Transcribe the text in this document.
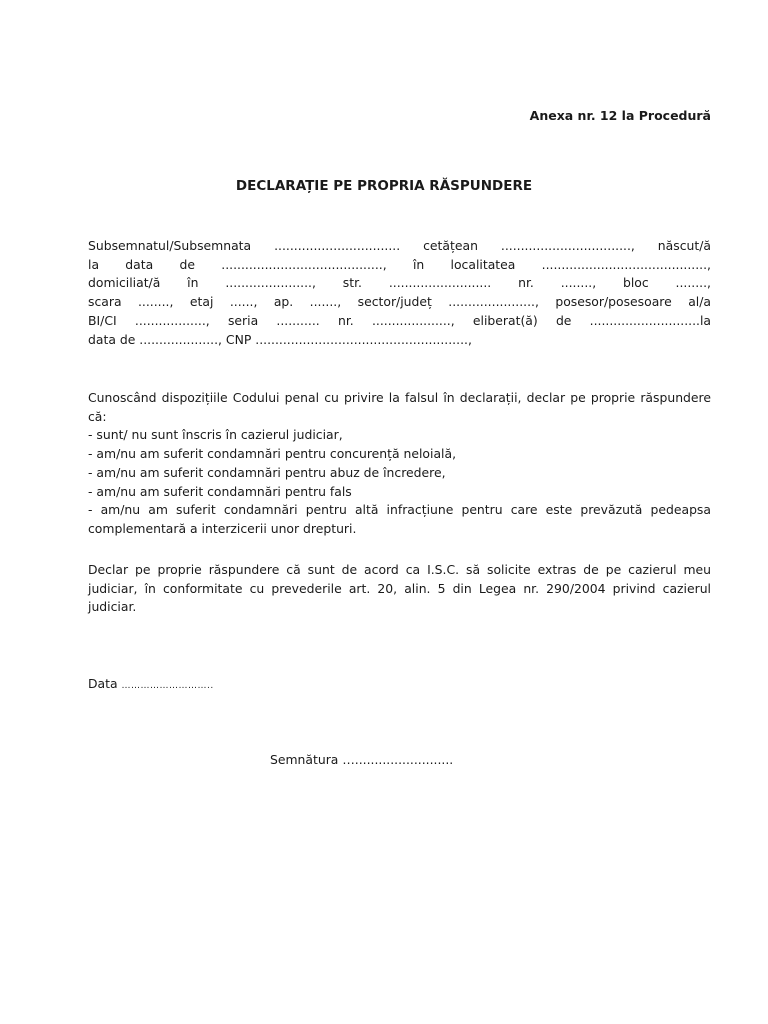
Anexa nr. 12 la Procedură
DECLARAȚIE PE PROPRIA RĂSPUNDERE
Subsemnatul/Subsemnata ................................ cetățean ................................., născut/ă
la data de ........................................., în localitatea ..........................................,
domiciliat/ă în ......................, str. .......................... nr. ........, bloc ........,
scara ........, etaj ......, ap. ......., sector/județ ......................, posesor/posesoare al/a
BI/CI .................., seria ........... nr. ...................., eliberat(ă) de ............................la
data de ...................., CNP ......................................................,
Cunoscând dispozițiile Codului penal cu privire la falsul în declarații, declar pe proprie răspundere că:
- sunt/ nu sunt înscris în cazierul judiciar,
- am/nu am suferit condamnări pentru concurență neloială,
- am/nu am suferit condamnări pentru abuz de încredere,
- am/nu am suferit condamnări pentru fals
- am/nu am suferit condamnări pentru altă infracțiune pentru care este prevăzută pedeapsa complementară a interzicerii unor drepturi.
Declar pe proprie răspundere că sunt de acord ca I.S.C. să solicite extras de pe cazierul meu judiciar, în conformitate cu prevederile art. 20, alin. 5 din Legea nr. 290/2004 privind cazierul judiciar.
Data ………………………..
Semnătura ….........................
